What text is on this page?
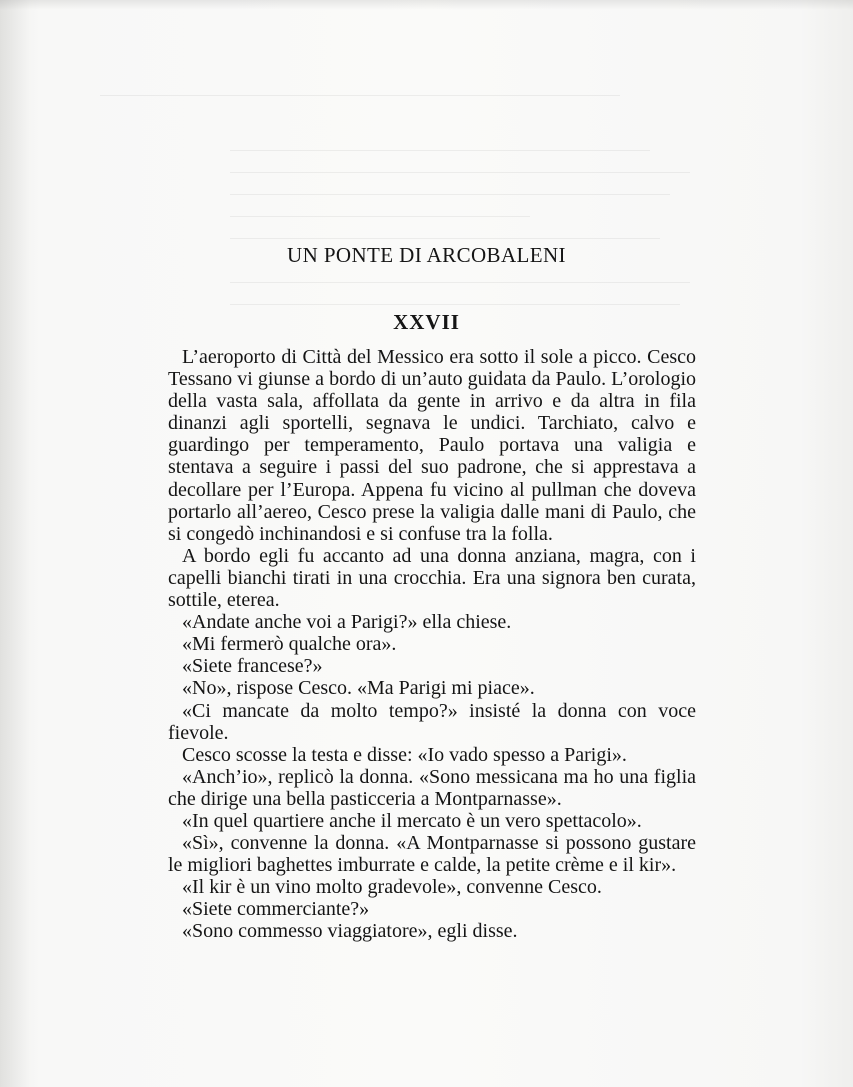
UN PONTE DI ARCOBALENI
XXVII

L’aeroporto di Città del Messico era sotto il sole a picco. Cesco Tessano vi giunse a bordo di un’auto guidata da Paulo. L’orologio della vasta sala, affollata da gente in arrivo e da altra in fila dinanzi agli sportelli, segnava le undici. Tarchiato, calvo e guardingo per temperamento, Paulo portava una valigia e stentava a seguire i passi del suo padrone, che si apprestava a decollare per l’Europa. Appena fu vicino al pullman che doveva portarlo all’aereo, Cesco prese la valigia dalle mani di Paulo, che si congedò inchinandosi e si confuse tra la folla.

A bordo egli fu accanto ad una donna anziana, magra, con i capelli bianchi tirati in una crocchia. Era una signora ben curata, sottile, eterea.

«Andate anche voi a Parigi?» ella chiese.

«Mi fermerò qualche ora».

«Siete francese?»

«No», rispose Cesco. «Ma Parigi mi piace».

«Ci mancate da molto tempo?» insisté la donna con voce fievole.

Cesco scosse la testa e disse: «Io vado spesso a Parigi».

«Anch’io», replicò la donna. «Sono messicana ma ho una figlia che dirige una bella pasticceria a Montparnasse».

«In quel quartiere anche il mercato è un vero spettacolo».

«Sì», convenne la donna. «A Montparnasse si possono gustare le migliori baghettes imburrate e calde, la petite crème e il kir».

«Il kir è un vino molto gradevole», convenne Cesco.

«Siete commerciante?»

«Sono commesso viaggiatore», egli disse.
